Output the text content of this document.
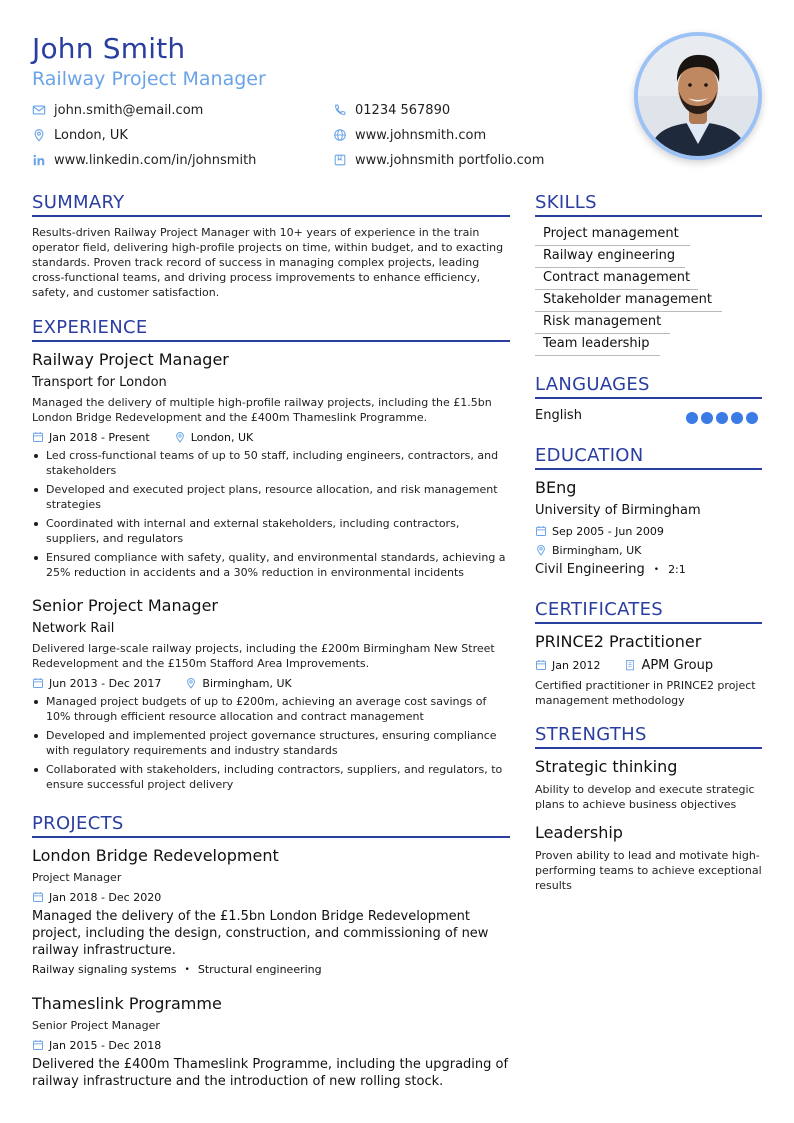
John Smith
Railway Project Manager
john.smith@email.com	01234 567890
London, UK	www.johnsmith.com
www.linkedin.com/in/johnsmith	www.johnsmith portfolio.com
SUMMARY
Results-driven Railway Project Manager with 10+ years of experience in the train operator field, delivering high-profile projects on time, within budget, and to exacting standards. Proven track record of success in managing complex projects, leading cross-functional teams, and driving process improvements to enhance efficiency, safety, and customer satisfaction.
EXPERIENCE
Railway Project Manager
Transport for London
Managed the delivery of multiple high-profile railway projects, including the £1.5bn London Bridge Redevelopment and the £400m Thameslink Programme.
Jan 2018 - Present	London, UK
Led cross-functional teams of up to 50 staff, including engineers, contractors, and stakeholders
Developed and executed project plans, resource allocation, and risk management strategies
Coordinated with internal and external stakeholders, including contractors, suppliers, and regulators
Ensured compliance with safety, quality, and environmental standards, achieving a 25% reduction in accidents and a 30% reduction in environmental incidents
Senior Project Manager
Network Rail
Delivered large-scale railway projects, including the £200m Birmingham New Street Redevelopment and the £150m Stafford Area Improvements.
Jun 2013 - Dec 2017	Birmingham, UK
Managed project budgets of up to £200m, achieving an average cost savings of 10% through efficient resource allocation and contract management
Developed and implemented project governance structures, ensuring compliance with regulatory requirements and industry standards
Collaborated with stakeholders, including contractors, suppliers, and regulators, to ensure successful project delivery
PROJECTS
London Bridge Redevelopment
Project Manager
Jan 2018 - Dec 2020
Managed the delivery of the £1.5bn London Bridge Redevelopment project, including the design, construction, and commissioning of new railway infrastructure.
Railway signaling systems • Structural engineering
Thameslink Programme
Senior Project Manager
Jan 2015 - Dec 2018
Delivered the £400m Thameslink Programme, including the upgrading of railway infrastructure and the introduction of new rolling stock.
SKILLS
Project management
Railway engineering
Contract management
Stakeholder management
Risk management
Team leadership
LANGUAGES
English
EDUCATION
BEng
University of Birmingham
Sep 2005 - Jun 2009
Birmingham, UK
Civil Engineering • 2:1
CERTIFICATES
PRINCE2 Practitioner
Jan 2012	APM Group
Certified practitioner in PRINCE2 project management methodology
STRENGTHS
Strategic thinking
Ability to develop and execute strategic plans to achieve business objectives
Leadership
Proven ability to lead and motivate high-performing teams to achieve exceptional results
